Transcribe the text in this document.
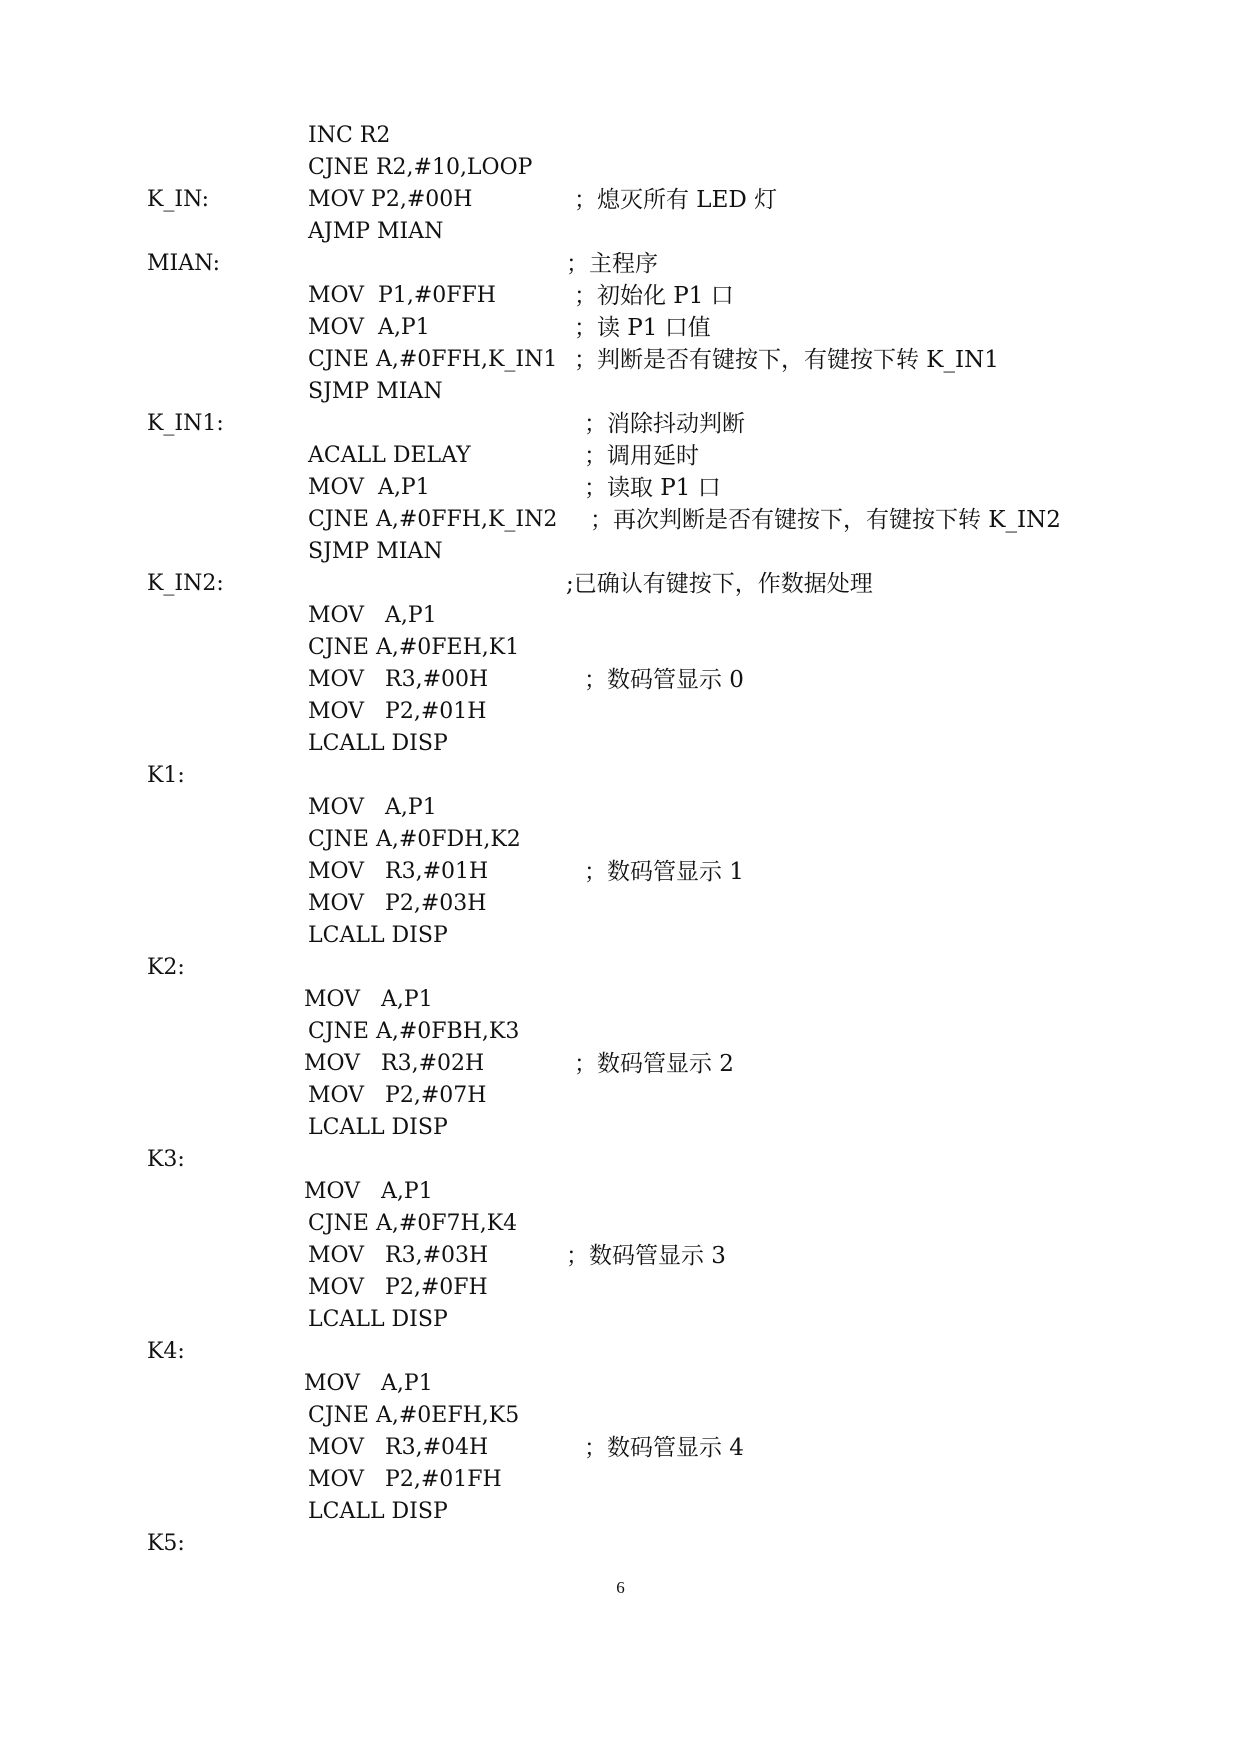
INC R2
CJNE R2,#10,LOOP
K_IN:	MOV P2,#00H	；熄灭所有 LED 灯
AJMP MIAN
MIAN:	；主程序
MOV  P1,#0FFH	；初始化 P1 口
MOV  A,P1	；读 P1 口值
CJNE A,#0FFH,K_IN1 ；判断是否有键按下，有键按下转 K_IN1
SJMP MIAN
K_IN1:	；消除抖动判断
ACALL DELAY	；调用延时
MOV  A,P1	；读取 P1 口
CJNE A,#0FFH,K_IN2 ；再次判断是否有键按下，有键按下转 K_IN2
SJMP MIAN
K_IN2:	;已确认有键按下，作数据处理
MOV   A,P1
CJNE A,#0FEH,K1
MOV   R3,#00H	；数码管显示 0
MOV   P2,#01H
LCALL DISP
K1:
MOV   A,P1
CJNE A,#0FDH,K2
MOV   R3,#01H	；数码管显示 1
MOV   P2,#03H
LCALL DISP
K2:
MOV   A,P1
CJNE A,#0FBH,K3
MOV   R3,#02H	；数码管显示 2
MOV   P2,#07H
LCALL DISP
K3:
MOV   A,P1
CJNE A,#0F7H,K4
MOV   R3,#03H	；数码管显示 3
MOV   P2,#0FH
LCALL DISP
K4:
MOV   A,P1
CJNE A,#0EFH,K5
MOV   R3,#04H	；数码管显示 4
MOV   P2,#01FH
LCALL DISP
K5:
6
